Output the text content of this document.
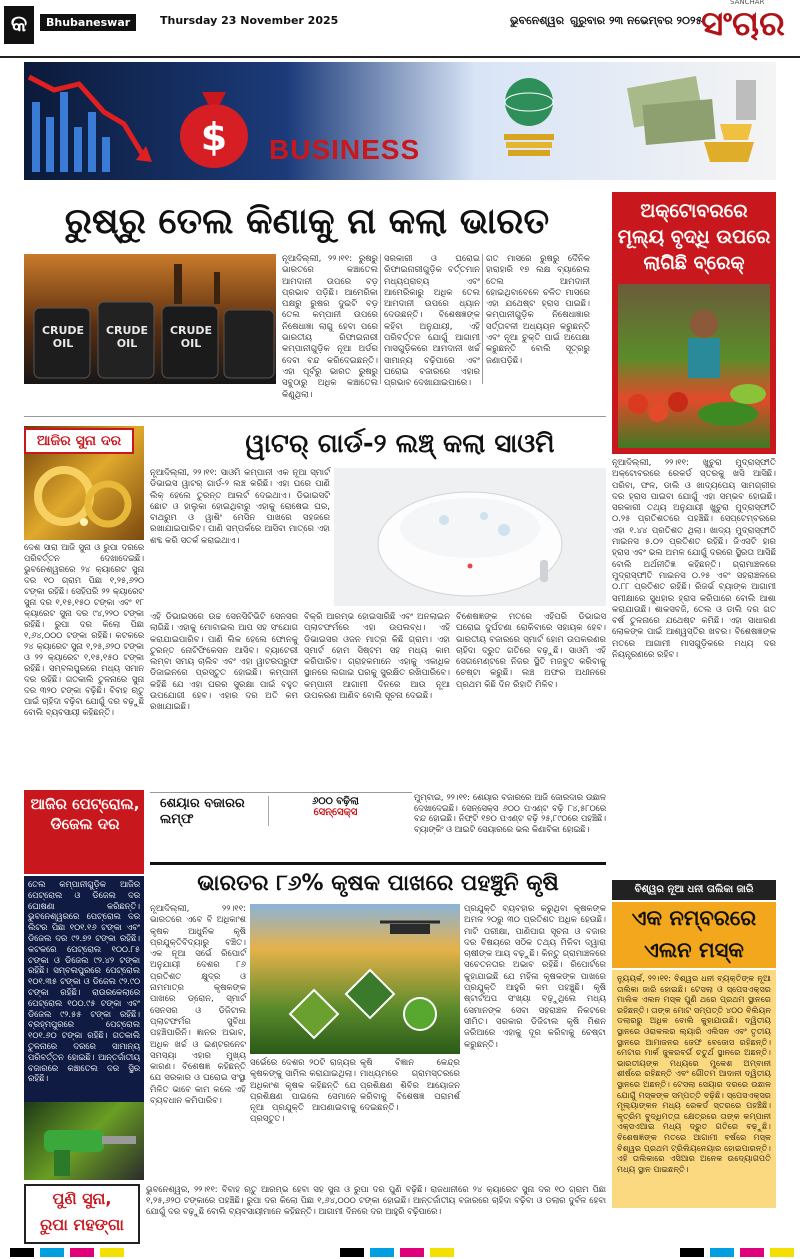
କ	Bhubaneswar	Thursday 23 November 2025	ଭୁବନେଶ୍ୱର ଗୁରୁବାର ୨୩ ନଭେମ୍ବର ୨୦୨୫
SANCHAR
ସଂଚାର
$ BUSINESS
ରୁଷ୍‌ରୁ ତେଲ କିଣାକୁ ନା କଲା ଭାରତ
CRUDE OIL
CRUDE OIL
CRUDE OIL
ନୂଆଦିଲ୍ଲୀ, ୨୨।୧୧: ରୁଷରୁ ଭାରତରେ କଞ୍ଚାତେଲ ଆମଦାନୀ ଉପରେ ବଡ଼ ପ୍ରଭାବ ପଡ଼ିଛି। ଆମେରିକା ପକ୍ଷରୁ ରୁଷର ଦୁଇଟି ବଡ଼ ତେଲ କମ୍ପାନୀ ଉପରେ ନିଷେଧାଜ୍ଞା ଲାଗୁ ହେବା ପରେ ଭାରତୀୟ ରିଫାଇନାରୀ କମ୍ପାନୀଗୁଡ଼ିକ ନୂଆ ଅର୍ଡର ଦେବା ବନ୍ଦ କରିଦେଇଛନ୍ତି। ଏହା ପୂର୍ବରୁ ଭାରତ ରୁଷରୁ ସବୁଠାରୁ ଅଧିକ କଞ୍ଚାତେଲ କିଣୁଥିଲା।
ସରକାରୀ ଓ ଘରୋଇ ରିଫାଇନାରୀଗୁଡ଼ିକ ବର୍ତ୍ତମାନ ମଧ୍ୟପ୍ରାଚ୍ୟ ଏବଂ ଆମେରିକାରୁ ଅଧିକ ତେଲ ଆମଦାନୀ ଉପରେ ଧ୍ୟାନ ଦେଉଛନ୍ତି। ବିଶେଷଜ୍ଞଙ୍କ କହିବା ଅନୁଯାୟୀ, ଏହି ପରିବର୍ତ୍ତନ ଯୋଗୁଁ ଆଗାମୀ ମାସଗୁଡ଼ିକରେ ଆମଦାନୀ ଖର୍ଚ୍ଚ ସାମାନ୍ୟ ବଢ଼ିପାରେ ଏବଂ ଘରୋଇ ବଜାରରେ ଏହାର ପ୍ରଭାବ ଦେଖାଯାଇପାରେ।
ଗତ ମାସରେ ରୁଷରୁ ଦୈନିକ ହାରାହାରି ୧୭ ଲକ୍ଷ ବ୍ୟାରେଲ ତେଲ ଆମଦାନୀ ହୋଇଥିବାବେଳେ ଚଳିତ ମାସରେ ଏହା ଯଥେଷ୍ଟ ହ୍ରାସ ପାଇଛି। କମ୍ପାନୀଗୁଡ଼ିକ ନିଷେଧାଜ୍ଞାର ସର୍ତ୍ତାବଳୀ ଅଧ୍ୟୟନ କରୁଛନ୍ତି ଏବଂ ନୂଆ ଚୁକ୍ତି ପାଇଁ ଅପେକ୍ଷା କରୁଛନ୍ତି ବୋଲି ସୂତ୍ରରୁ ଜଣାପଡ଼ିଛି।
ଅକ୍ଟୋବରରେ
ମୂଲ୍ୟ ବୃଦ୍ଧି ଉପରେ
ଲାଗିଛି ବ୍ରେକ୍
ନୂଆଦିଲ୍ଲୀ, ୨୨।୧୧: ଖୁଚୁରା ମୁଦ୍ରାସ୍ଫୀତି ଅକ୍ଟୋବରରେ ରେକର୍ଡ ସ୍ତରକୁ ଖସି ଆସିଛି। ପରିବା, ଫଳ, ଡାଲି ଓ ଖାଦ୍ୟପେୟ ସାମଗ୍ରୀର ଦର ହ୍ରାସ ପାଇବା ଯୋଗୁଁ ଏହା ସମ୍ଭବ ହୋଇଛି। ସରକାରୀ ତଥ୍ୟ ଅନୁଯାୟୀ ଖୁଚୁରା ମୁଦ୍ରାସ୍ଫୀତି ୦.୨୫ ପ୍ରତିଶତରେ ପହଞ୍ଚିଛି। ସେପ୍ଟେମ୍ବରରେ ଏହା ୧.୪୪ ପ୍ରତିଶତ ଥିଲା। ଖାଦ୍ୟ ମୁଦ୍ରାସ୍ଫୀତି ମାଇନସ ୫.୦୨ ପ୍ରତିଶତ ରହିଛି। ଜିଏସଟି ହାର ହ୍ରାସ ଏବଂ ଭଲ ଅମଳ ଯୋଗୁଁ ଦରରେ ସ୍ଥିରତା ଆସିଛି ବୋଲି ଅର୍ଥନୀତିଜ୍ଞ କହିଛନ୍ତି। ଗ୍ରାମାଞ୍ଚଳରେ ମୁଦ୍ରାସ୍ଫୀତି ମାଇନସ ୦.୨୫ ଏବଂ ସହରାଞ୍ଚଳରେ ୦.୮୮ ପ୍ରତିଶତ ରହିଛି। ରିଜର୍ଭ ବ୍ୟାଙ୍କ ଆଗାମୀ ସମୀକ୍ଷାରେ ସୁଧହାର ହ୍ରାସ କରିପାରେ ବୋଲି ଆଶା କରାଯାଉଛି। ଶାକସବଜି, ତେଲ ଓ ଡାଲି ଦର ଗତ ବର୍ଷ ତୁଳନାରେ ଯଥେଷ୍ଟ କମିଛି। ଏହା ସାଧାରଣ ଲୋକଙ୍କ ପାଇଁ ଆଶ୍ୱସ୍ତିର ଖବର। ବିଶେଷଜ୍ଞଙ୍କ ମତରେ ଆଗାମୀ ମାସଗୁଡ଼ିକରେ ମଧ୍ୟ ଦର ନିୟନ୍ତ୍ରଣରେ ରହିବ।
ଆଜିର ସୁନା ଦର
ଦେଶ ସାରା ଆଜି ସୁନା ଓ ରୁପା ଦରରେ ପରିବର୍ତ୍ତନ ଦେଖାଦେଇଛି। ଭୁବନେଶ୍ୱରରେ ୨୪ କ୍ୟାରେଟ ସୁନା ଦର ୧୦ ଗ୍ରାମ ପିଛା ୧,୨୫,୬୨୦ ଟଙ୍କା ରହିଛି। ସେହିପରି ୨୨ କ୍ୟାରେଟ ସୁନା ଦର ୧,୧୫,୧୫୦ ଟଙ୍କା ଏବଂ ୧୮ କ୍ୟାରେଟ ସୁନା ଦର ୯୪,୨୨୦ ଟଙ୍କା ରହିଛି। ରୁପା ଦର କିଲୋ ପିଛା ୧,୬୪,୦୦୦ ଟଙ୍କା ରହିଛି। କଟକରେ ୨୪ କ୍ୟାରେଟ ସୁନା ୧,୨୫,୬୨୦ ଟଙ୍କା ଓ ୨୨ କ୍ୟାରେଟ ୧,୧୫,୧୫୦ ଟଙ୍କା ରହିଛି। ସମ୍ବଲପୁରରେ ମଧ୍ୟ ସମାନ ଦର ରହିଛି। ଗତକାଲି ତୁଳନାରେ ସୁନା ଦର ୩୨୦ ଟଙ୍କା ବଢ଼ିଛି। ବିବାହ ଋତୁ ପାଇଁ ଚାହିଦା ବଢ଼ିବା ଯୋଗୁଁ ଦର ବଢ଼ୁଛି ବୋଲି ବ୍ୟବସାୟୀ କହିଛନ୍ତି।
ୱାଟର୍ ଗାର୍ଡ-୨ ଲଞ୍ଚ୍ କଲା ସାଓମି
ନୂଆଦିଲ୍ଲୀ, ୨୨।୧୧: ସାଓମି କମ୍ପାନୀ ଏକ ନୂଆ ସ୍ମାର୍ଟ ଡିଭାଇସ ୱାଟର୍ ଗାର୍ଡ-୨ ଲଞ୍ଚ କରିଛି। ଏହା ଘରେ ପାଣି ଲିକ୍ ହେଲେ ତୁରନ୍ତ ଆଲର୍ଟ ଦେଇଥାଏ। ଡିଭାଇସଟି ଛୋଟ ଓ ହାଲୁକା ହୋଇଥିବାରୁ ଏହାକୁ ରୋଷେଇ ଘର, ବାଥରୁମ ଓ ୱାଶିଂ ମେସିନ ପାଖରେ ସହଜରେ ରଖାଯାଇପାରିବ। ପାଣି ସମ୍ପର୍କରେ ଆସିବା ମାତ୍ରେ ଏହା ଶବ୍ଦ କରି ସତର୍କ କରାଇଥାଏ।
ଏହି ଡିଭାଇସରେ ଉଚ୍ଚ ସେନସିଟିଭିଟି ସେନସର ଲାଗିଛି। ଏହାକୁ ମୋବାଇଲ ଆପ ସହ ସଂଯୋଗ କରାଯାଇପାରିବ। ପାଣି ଲିକ ହେଲେ ଫୋନକୁ ତୁରନ୍ତ ନୋଟିଫିକେସନ ଆସିବ। ବ୍ୟାଟେରୀ ଲମ୍ବା ସମୟ ଚାଲିବ ଏବଂ ଏହା ୱାଟରପ୍ରୁଫ ଡିଜାଇନରେ ପ୍ରସ୍ତୁତ ହୋଇଛି। କମ୍ପାନୀ କହିଛି ଯେ ଏହା ଘରର ସୁରକ୍ଷା ପାଇଁ ବହୁତ ଉପଯୋଗୀ ହେବ। ଏହାର ଦର ଅତି କମ ରଖାଯାଇଛି।
ବିକ୍ରି ଆରମ୍ଭ ହୋଇସାରିଛି ଏବଂ ଅନଲାଇନ ପ୍ଲାଟଫର୍ମରେ ଏହା ଉପଲବ୍ଧ। ଏହି ଡିଭାଇସର ଓଜନ ମାତ୍ର କିଛି ଗ୍ରାମ। ଏହା ସ୍ମାର୍ଟ ହୋମ ସିଷ୍ଟମ ସହ ମଧ୍ୟ କାମ କରିପାରିବ। ଗ୍ରାହକମାନେ ଏହାକୁ ଏକାଧିକ ସ୍ଥାନରେ ଲଗାଇ ଘରକୁ ସୁରକ୍ଷିତ ରଖିପାରିବେ। କମ୍ପାନୀ ଆଗାମୀ ଦିନରେ ଆଉ ନୂଆ ଉପକରଣ ଆଣିବ ବୋଲି ସୂଚନା ଦେଇଛି।
ବିଶେଷଜ୍ଞଙ୍କ ମତରେ ଏହିପରି ଡିଭାଇସ ଘରୋଇ ଦୁର୍ଘଟଣା ରୋକିବାରେ ସହାୟକ ହେବ। ଭାରତୀୟ ବଜାରରେ ସ୍ମାର୍ଟ ହୋମ ଉପକରଣର ଚାହିଦା ଦ୍ରୁତ ଗତିରେ ବଢ଼ୁଛି। ସାଓମି ଏହି ସେଗମେଣ୍ଟରେ ନିଜର ସ୍ଥିତି ମଜବୁତ କରିବାକୁ ଚେଷ୍ଟା କରୁଛି। ଲଞ୍ଚ ଅଫର ଅଧୀନରେ ପ୍ରଥମ କିଛି ଦିନ ରିହାତି ମିଳିବ।
ଶେୟାର ବଜାରର ଲମ୍ଫ
୬୦୦ ବଢ଼ିଲା
ସେନ୍ସେକ୍ସ
ମୁମ୍ବାଇ, ୨୨।୧୧: ଶେୟାର ବଜାରରେ ଆଜି ଜୋରଦାର ଉଛାଳ ଦେଖାଦେଇଛି। ସେନ୍ସେକ୍ସ ୬୦୦ ପଏଣ୍ଟ ବଢ଼ି ୮୪,୫୮୦ରେ ବନ୍ଦ ହୋଇଛି। ନିଫ୍ଟି ୧୭୦ ପଏଣ୍ଟ ବଢ଼ି ୨୫,୮୯୦ରେ ପହଞ୍ଚିଛି। ବ୍ୟାଙ୍କିଂ ଓ ଆଇଟି ସେୟାରରେ ଭଲ କିଣାବିକା ହୋଇଛି।
ଆଜିର ପେଟ୍ରୋଲ, ଡିଜେଲ ଦର
ତେଲ କମ୍ପାନୀଗୁଡ଼ିକ ଆଜିର ପେଟ୍ରୋଲ ଓ ଡିଜେଲ ଦର ଘୋଷଣା କରିଛନ୍ତି। ଭୁବନେଶ୍ୱରରେ ପେଟ୍ରୋଲ ଦର ଲିଟର ପିଛା ୧୦୧.୧୬ ଟଙ୍କା ଏବଂ ଡିଜେଲ ଦର ୯୨.୭୨ ଟଙ୍କା ରହିଛି। କଟକରେ ପେଟ୍ରୋଲ ୧୦୦.୮୫ ଟଙ୍କା ଓ ଡିଜେଲ ୯୨.୪୨ ଟଙ୍କା ରହିଛି। ସମ୍ବଲପୁରରେ ପେଟ୍ରୋଲ ୧୦୧.୩୫ ଟଙ୍କା ଓ ଡିଜେଲ ୯୨.୯୦ ଟଙ୍କା ରହିଛି। ରାଉରକେଲାରେ ପେଟ୍ରୋଲ ୧୦୦.୯୫ ଟଙ୍କା ଏବଂ ଡିଜେଲ ୯୨.୫୫ ଟଙ୍କା ରହିଛି। ବ୍ରହ୍ମପୁରରେ ପେଟ୍ରୋଲ ୧୦୧.୬୦ ଟଙ୍କା ରହିଛି। ଗତକାଲି ତୁଳନାରେ ଦରରେ ସାମାନ୍ୟ ପରିବର୍ତ୍ତନ ହୋଇଛି। ଆନ୍ତର୍ଜାତୀୟ ବଜାରରେ କଞ୍ଚାତେଲ ଦର ସ୍ଥିର ରହିଛି।
ଭାରତର ୮୬% କୃଷକ ପାଖରେ ପହଞ୍ଚୁନି କୃଷି
ନୂଆଦିଲ୍ଲୀ, ୨୨।୧୧: ଭାରତରେ ଏବେ ବି ଅଧିକାଂଶ କୃଷକ ଆଧୁନିକ କୃଷି ପ୍ରଯୁକ୍ତିବିଦ୍ୟାରୁ ବଞ୍ଚିତ। ଏକ ନୂଆ ସର୍ଭେ ରିପୋର୍ଟ ଅନୁଯାୟୀ ଦେଶର ୮୬ ପ୍ରତିଶତ କ୍ଷୁଦ୍ର ଓ ନାମମାତ୍ର କୃଷକଙ୍କ ପାଖରେ ଡ୍ରୋନ, ସ୍ମାର୍ଟ ସେନସର ଓ ଡିଜିଟାଲ ପ୍ଲାଟଫର୍ମର ସୁବିଧା ପହଞ୍ଚିପାରିନି। ଜ୍ଞାନର ଅଭାବ, ଅଧିକ ଖର୍ଚ୍ଚ ଓ ଇଣ୍ଟରନେଟ ସମସ୍ୟା ଏହାର ମୁଖ୍ୟ କାରଣ। ବିଶେଷଜ୍ଞ କହିଛନ୍ତି ଯେ ସରକାର ଓ ଘରୋଇ ସଂସ୍ଥା ମିଳିତ ଭାବେ କାମ କଲେ ଏହି ବ୍ୟବଧାନ କମିପାରିବ।
ପ୍ରଯୁକ୍ତି ବ୍ୟବହାର କରୁଥିବା କୃଷକଙ୍କ ଅମଳ ୨୦ରୁ ୩୦ ପ୍ରତିଶତ ଅଧିକ ହେଉଛି। ମାଟି ପରୀକ୍ଷା, ପାଣିପାଗ ସୂଚନା ଓ ବଜାର ଦର ବିଷୟରେ ସଠିକ ତଥ୍ୟ ମିଳିବା ଦ୍ୱାରା ଚାଷୀଙ୍କ ଆୟ ବଢ଼ୁଛି। କିନ୍ତୁ ଗ୍ରାମାଞ୍ଚଳରେ ସଚେତନତାର ଅଭାବ ରହିଛି। ରିପୋର୍ଟରେ କୁହାଯାଇଛି ଯେ ମହିଳା କୃଷକଙ୍କ ପାଖରେ ପ୍ରଯୁକ୍ତି ଆହୁରି କମ ପହଞ୍ଚୁଛି। କୃଷି ଷ୍ଟାର୍ଟଅପ ସଂଖ୍ୟା ବଢ଼ୁଥିଲେ ମଧ୍ୟ ସେମାନଙ୍କ ସେବା ସହରାଞ୍ଚଳ ନିକଟରେ ସୀମିତ। ସରକାର ଡିଜିଟାଲ କୃଷି ମିଶନ ଜରିଆରେ ଏହାକୁ ଦୂର କରିବାକୁ ଚେଷ୍ଟା କରୁଛନ୍ତି।
ସର୍ଭେରେ ଦେଶର ୨୦ଟି ରାଜ୍ୟର କୃଷକଙ୍କୁ ସାମିଲ କରାଯାଇଥିଲା। ଅଧିକାଂଶ କୃଷକ କହିଛନ୍ତି ଯେ ପ୍ରଶିକ୍ଷଣ ପାଇଲେ ସେମାନେ ନୂଆ ପ୍ରଯୁକ୍ତି ଆପଣାଇବାକୁ ପ୍ରସ୍ତୁତ।
କୃଷି ବିଜ୍ଞାନ କେନ୍ଦ୍ର ମାଧ୍ୟମରେ ଗ୍ରାମସ୍ତରରେ ପ୍ରଶିକ୍ଷଣ ଶିବିର ଆୟୋଜନ କରିବାକୁ ବିଶେଷଜ୍ଞ ପରାମର୍ଶ ଦେଇଛନ୍ତି।
ବିଶ୍ୱର ନୂଆ ଧନୀ ତାଲିକା ଜାରି
ଏକ ନମ୍ବରରେ
ଏଲନ ମସ୍କ
ନ୍ୟୁୟର୍କ, ୨୨।୧୧: ବିଶ୍ୱର ଧନୀ ବ୍ୟକ୍ତିଙ୍କ ନୂଆ ତାଲିକା ଜାରି ହୋଇଛି। ଟେସଲା ଓ ସ୍ପେସଏକ୍ସର ମାଲିକ ଏଲନ ମସ୍କ ପୁଣି ଥରେ ପ୍ରଥମ ସ୍ଥାନରେ ରହିଛନ୍ତି। ତାଙ୍କ ମୋଟ ସମ୍ପତ୍ତି ୪୦୦ ବିଲିୟନ ଡଲାରରୁ ଅଧିକ ବୋଲି କୁହାଯାଉଛି। ଦ୍ୱିତୀୟ ସ୍ଥାନରେ ଓରାକଲର ଲ୍ୟାରି ଏଲିସନ ଏବଂ ତୃତୀୟ ସ୍ଥାନରେ ଆମାଜନର ଜେଫ ବେଜୋସ ରହିଛନ୍ତି। ମେଟାର ମାର୍କ ଜୁକରବର୍ଗ ଚତୁର୍ଥ ସ୍ଥାନରେ ଅଛନ୍ତି। ଭାରତୀୟଙ୍କ ମଧ୍ୟରେ ମୁକେଶ ଅମ୍ବାନୀ ଶୀର୍ଷରେ ରହିଛନ୍ତି ଏବଂ ଗୌତମ ଆଦାନୀ ଦ୍ୱିତୀୟ ସ୍ଥାନରେ ଅଛନ୍ତି। ଟେସଲା ସେୟାର ଦରରେ ଉଛାଳ ଯୋଗୁଁ ମସ୍କଙ୍କ ସମ୍ପତ୍ତି ବଢ଼ିଛି। ସ୍ପେସଏକ୍ସର ମୂଲ୍ୟାଙ୍କନ ମଧ୍ୟ ରେକର୍ଡ ସ୍ତରରେ ପହଞ୍ଚିଛି। କୃତ୍ରିମ ବୁଦ୍ଧିମତ୍ତା କ୍ଷେତ୍ରରେ ତାଙ୍କ କମ୍ପାନୀ ଏକ୍ସଏଆଇ ମଧ୍ୟ ଦ୍ରୁତ ଗତିରେ ବଢ଼ୁଛି। ବିଶେଷଜ୍ଞଙ୍କ ମତରେ ଆଗାମୀ ବର୍ଷରେ ମସ୍କ ବିଶ୍ୱର ପ୍ରଥମ ଟ୍ରିଲିୟନେୟାର ହୋଇପାରନ୍ତି। ଏହି ତାଲିକାରେ ଏସିଆର ଅନେକ ଉଦ୍ୟୋଗପତି ମଧ୍ୟ ସ୍ଥାନ ପାଇଛନ୍ତି।
ପୁଣି ସୁନା,
ରୁପା ମହଙ୍ଗା
ଭୁବନେଶ୍ୱର, ୨୨।୧୧: ବିବାହ ଋତୁ ଆରମ୍ଭ ହେବା ସହ ସୁନା ଓ ରୁପା ଦର ପୁଣି ବଢ଼ିଛି। ରାଜଧାନୀରେ ୨୪ କ୍ୟାରେଟ ସୁନା ଦର ୧୦ ଗ୍ରାମ ପିଛା ୧,୨୫,୬୨୦ ଟଙ୍କାରେ ପହଞ୍ଚିଛି। ରୁପା ଦର କିଲୋ ପିଛା ୧,୬୪,୦୦୦ ଟଙ୍କା ହୋଇଛି। ଆନ୍ତର୍ଜାତୀୟ ବଜାରରେ ଚାହିଦା ବଢ଼ିବା ଓ ଡଲାର ଦୁର୍ବଳ ହେବା ଯୋଗୁଁ ଦର ବଢ଼ୁଛି ବୋଲି ବ୍ୟବସାୟୀମାନେ କହିଛନ୍ତି। ଆଗାମୀ ଦିନରେ ଦର ଆହୁରି ବଢ଼ିପାରେ।
